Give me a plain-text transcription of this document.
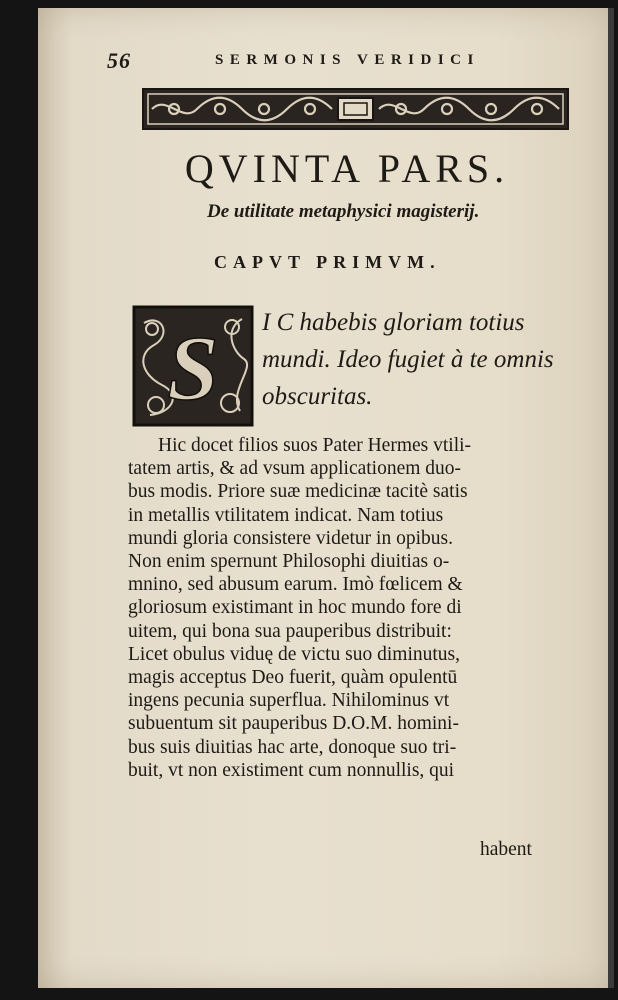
56	SERMONIS VERIDICI
QVINTA PARS.
De utilitate metaphysici magisterij.
CAPVT PRIMVM.
S I C habebis gloriam totius
mundi. Ideo fugiet à te omnis
obscuritas.
Hic docet filios suos Pater Hermes vtili-
tatem artis, & ad vsum applicationem duo-
bus modis. Priore suæ medicinæ tacitè satis
in metallis vtilitatem indicat. Nam totius
mundi gloria consistere videtur in opibus.
Non enim spernunt Philosophi diuitias o-
mnino, sed abusum earum. Imò fœlicem &
gloriosum existimant in hoc mundo fore di
uitem, qui bona sua pauperibus distribuit:
Licet obulus viduę de victu suo diminutus,
magis acceptus Deo fuerit, quàm opulentū
ingens pecunia superflua. Nihilominus vt
subuentum sit pauperibus D.O.M. homini-
bus suis diuitias hac arte, donoque suo tri-
buit, vt non existiment cum nonnullis, qui
habent
